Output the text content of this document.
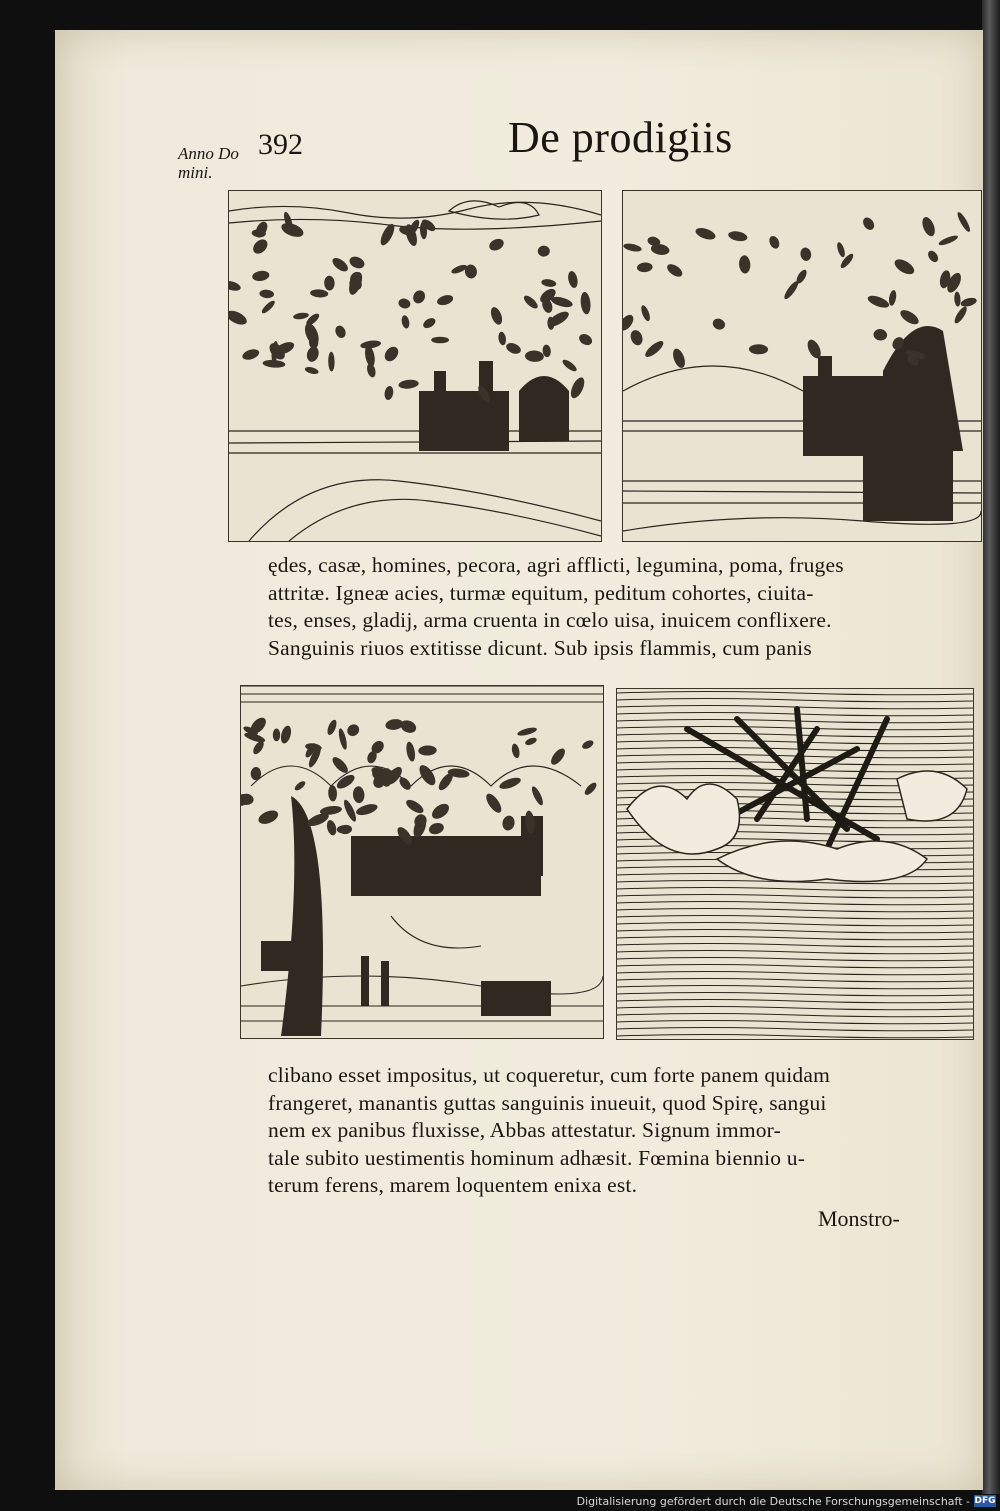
Anno Do
mini.
392	De prodigiis
ędes, casæ, homines, pecora, agri afflicti, legumina, poma, fruges
attritæ. Igneæ acies, turmæ equitum, peditum cohortes, ciuita-
tes, enses, gladij, arma cruenta in cœlo uisa, inuicem conflixere.
Sanguinis riuos extitisse dicunt. Sub ipsis flammis, cum panis
clibano esset impositus, ut coqueretur, cum forte panem quidam
frangeret, manantis guttas sanguinis inueuit, quod Spirę, sangui
nem ex panibus fluxisse, Abbas attestatur. Signum immor-
tale subito uestimentis hominum adhæsit. Fœmina biennio u-
terum ferens, marem loquentem enixa est.
Monstro-
Digitalisierung gefördert durch die Deutsche Forschungsgemeinschaft - DFG
